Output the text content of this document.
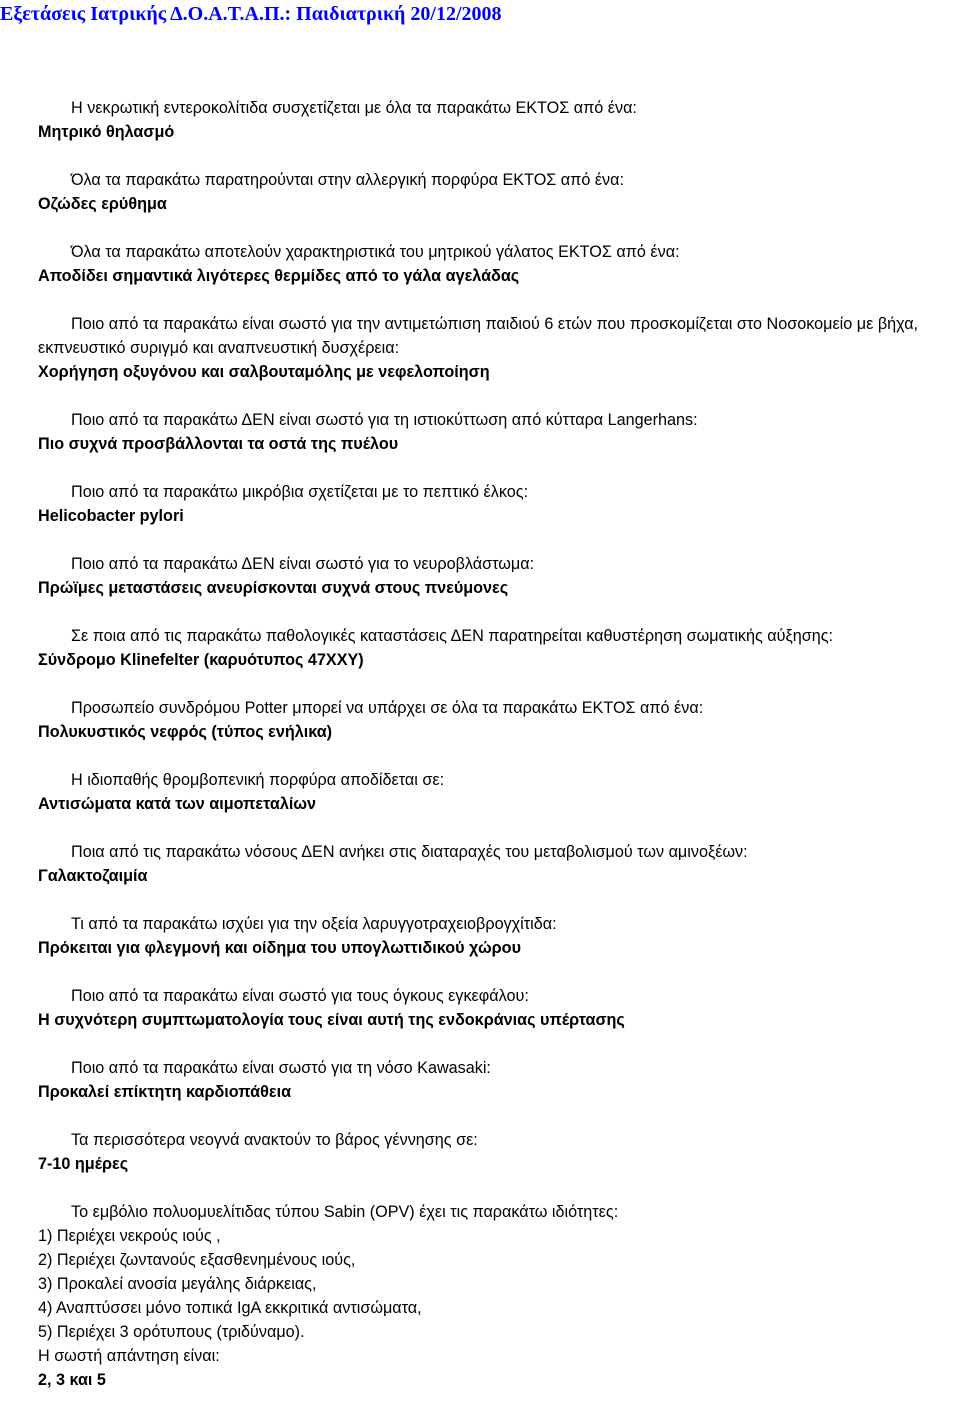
Εξετάσεις Ιατρικής Δ.Ο.Α.Τ.Α.Π.: Παιδιατρική 20/12/2008

Η νεκρωτική εντεροκολίτιδα συσχετίζεται με όλα τα παρακάτω ΕΚΤΟΣ από ένα:

Μητρικό θηλασμό

Όλα τα παρακάτω παρατηρούνται στην αλλεργική πορφύρα ΕΚΤΟΣ από ένα:

Οζώδες ερύθημα

Όλα τα παρακάτω αποτελούν χαρακτηριστικά του μητρικού γάλατος ΕΚΤΟΣ από ένα:

Αποδίδει σημαντικά λιγότερες θερμίδες από το γάλα αγελάδας

Ποιο από τα παρακάτω είναι σωστό για την αντιμετώπιση παιδιού 6 ετών που προσκομίζεται στο Νοσοκομείο με βήχα, εκπνευστικό συριγμό και αναπνευστική δυσχέρεια:

Χορήγηση οξυγόνου και σαλβουταμόλης με νεφελοποίηση

Ποιο από τα παρακάτω ΔΕΝ είναι σωστό για τη ιστιοκύττωση από κύτταρα Langerhans:

Πιο συχνά προσβάλλονται τα οστά της πυέλου

Ποιο από τα παρακάτω μικρόβια σχετίζεται με το πεπτικό έλκος:

Helicobacter pylori

Ποιο από τα παρακάτω ΔΕΝ είναι σωστό για το νευροβλάστωμα:

Πρώϊμες μεταστάσεις ανευρίσκονται συχνά στους πνεύμονες

Σε ποια από τις παρακάτω παθολογικές καταστάσεις ΔΕΝ παρατηρείται καθυστέρηση σωματικής αύξησης:

Σύνδρομο Klinefelter (καρυότυπος 47XXY)

Προσωπείο συνδρόμου Potter μπορεί να υπάρχει σε όλα τα παρακάτω ΕΚΤΟΣ από ένα:

Πολυκυστικός νεφρός (τύπος ενήλικα)

Η ιδιοπαθής θρομβοπενική πορφύρα αποδίδεται σε:

Αντισώματα κατά των αιμοπεταλίων

Ποια από τις παρακάτω νόσους ΔΕΝ ανήκει στις διαταραχές του μεταβολισμού των αμινοξέων:

Γαλακτοζαιμία

Τι από τα παρακάτω ισχύει για την οξεία λαρυγγοτραχειοβρογχίτιδα:

Πρόκειται για φλεγμονή και οίδημα του υπογλωττιδικού χώρου

Ποιο από τα παρακάτω είναι σωστό για τους όγκους εγκεφάλου:

Η συχνότερη συμπτωματολογία τους είναι αυτή της ενδοκράνιας υπέρτασης

Ποιο από τα παρακάτω είναι σωστό για τη νόσο Kawasaki:

Προκαλεί επίκτητη καρδιοπάθεια

Τα περισσότερα νεογνά ανακτούν το βάρος γέννησης σε:

7-10 ημέρες

Το εμβόλιο πολυομυελίτιδας τύπου Sabin (OPV) έχει τις παρακάτω ιδιότητες:

1) Περιέχει νεκρούς ιούς ,

2) Περιέχει ζωντανούς εξασθενημένους ιούς,

3) Προκαλεί ανοσία μεγάλης διάρκειας,

4) Αναπτύσσει μόνο τοπικά IgA εκκριτικά αντισώματα,

5) Περιέχει 3 ορότυπους (τριδύναμο).

Η σωστή απάντηση είναι:

2, 3 και 5
